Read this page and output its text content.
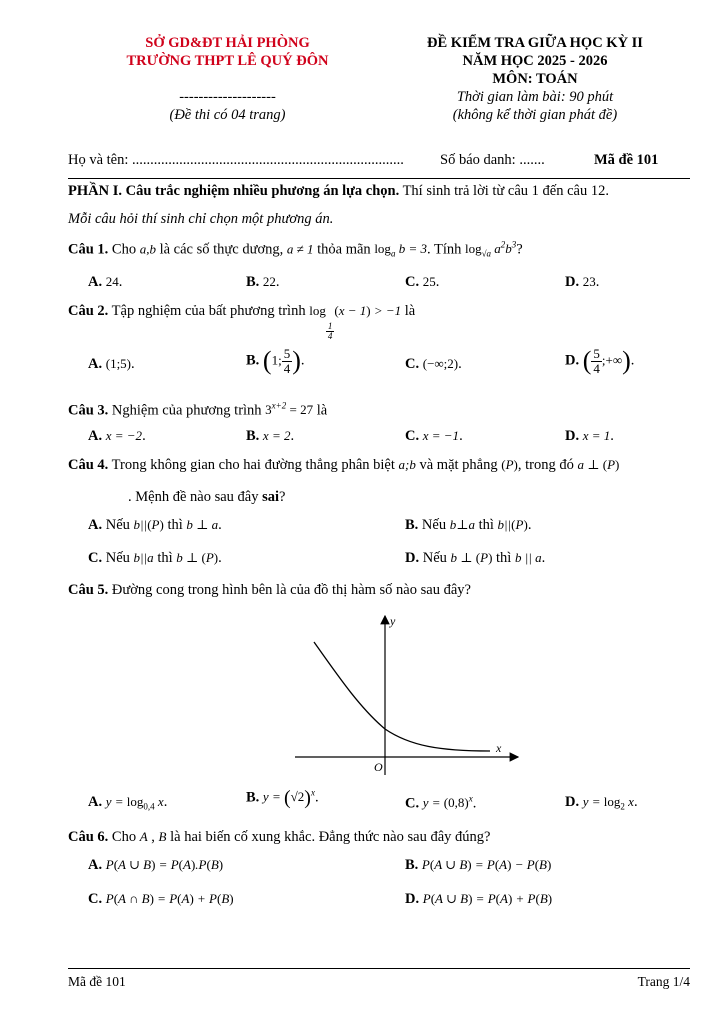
SỞ GD&ĐT HẢI PHÒNG
TRƯỜNG THPT LÊ QUÝ ĐÔN
--------------------
(Đề thi có 04 trang)
ĐỀ KIỂM TRA GIỮA HỌC KỲ II
NĂM HỌC 2025 - 2026
MÔN: TOÁN
Thời gian làm bài: 90 phút
(không kể thời gian phát đề)
Họ và tên: ........................................................................... Số báo danh: .......	Mã đề 101
PHẦN I. Câu trắc nghiệm nhiều phương án lựa chọn. Thí sinh trả lời từ câu 1 đến câu 12.
Mỗi câu hỏi thí sinh chỉ chọn một phương án.
Câu 1. Cho a,b là các số thực dương, a ≠ 1 thỏa mãn $\log_a b = 3$. Tính $\log_{√a} a^2b^3$?
A. 24.	B. 22.	C. 25.	D. 23.
Câu 2. Tập nghiệm của bất phương trình log
$\frac{1}{4}$
(x − 1) > −1 là
A. (1;5).	B. (1; $\frac{5}{4}$ ).	C. (−∞;2).	D. ( $\frac{5}{4}$ ;+∞).
Câu 3. Nghiệm của phương trình $3^{x+2} = 27$ là
A. x = −2.	B. x = 2.	C. x = −1.	D. x = 1.
Câu 4. Trong không gian cho hai đường thẳng phân biệt a;b và mặt phẳng (P), trong đó a ⊥ (P)
. Mệnh đề nào sau đây sai?
A. Nếu b||(P) thì b ⊥ a.	B. Nếu b⊥a thì b||(P).
C. Nếu b||a thì b ⊥ (P).	D. Nếu b ⊥ (P) thì b || a.
Câu 5. Đường cong trong hình bên là của đồ thị hàm số nào sau đây?
y
x
O
A. $y = \log_{0,4} x$.	B. $y = (√2)^x$.	C. $y = (0,8)^x$.	D. $y = \log_2 x$.
Câu 6. Cho A , B là hai biến cố xung khắc. Đẳng thức nào sau đây đúng?
A. P(A ∪ B) = P(A).P(B)	B. P(A ∪ B) = P(A) − P(B)
C. P(A ∩ B) = P(A) + P(B)	D. P(A ∪ B) = P(A) + P(B)
Mã đề 101	Trang 1/4
